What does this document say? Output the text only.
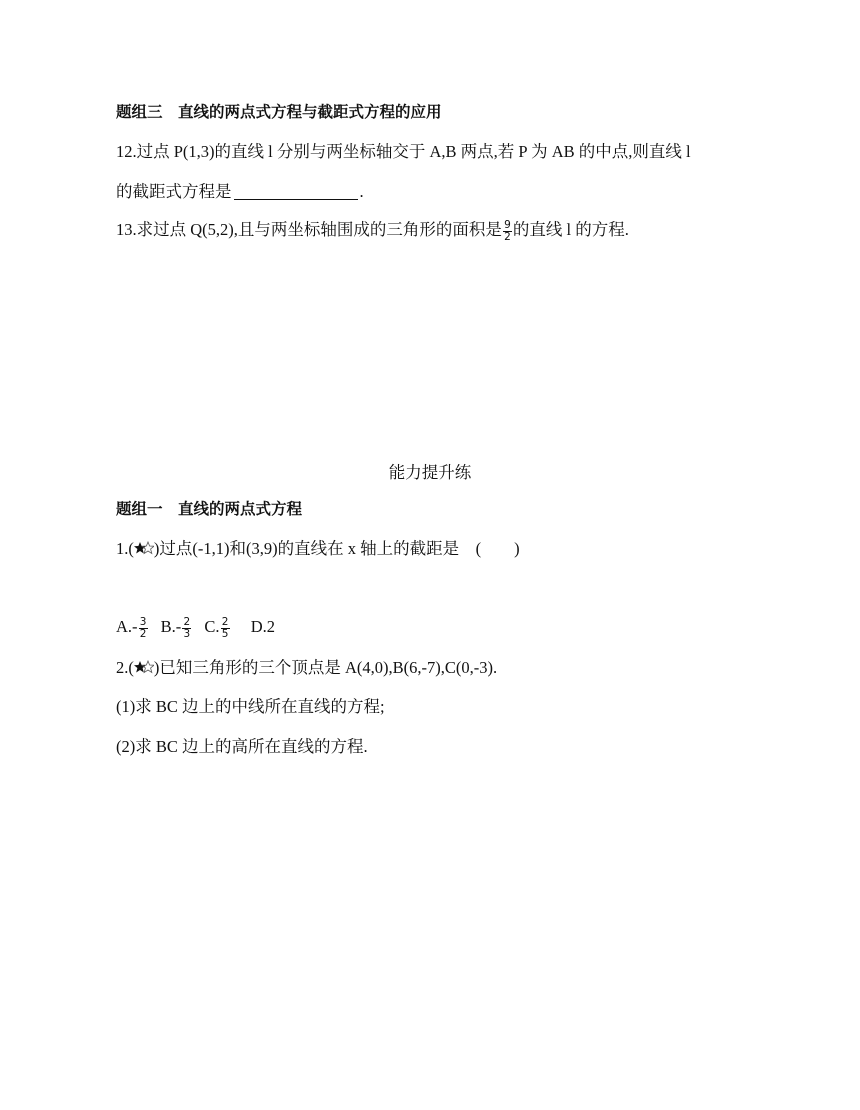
题组三　直线的两点式方程与截距式方程的应用
12.过点 P(1,3)的直线 l 分别与两坐标轴交于 A,B 两点,若 P 为 AB 的中点,则直线 l
的截距式方程是	.
13.求过点 Q(5,2),且与两坐标轴围成的三角形的面积是 $\frac{9}{2}$ 的直线 l 的方程.
能力提升练
题组一　直线的两点式方程
1.( )过点(-1,1)和(3,9)的直线在 x 轴上的截距是　(　　)
$A.- \frac{3}{2} B.- \frac{2}{3} C$. $\frac{2}{5} D.2$
2.( )已知三角形的三个顶点是 A(4,0),B(6,-7),C(0,-3).
(1)求 BC 边上的中线所在直线的方程;
(2)求 BC 边上的高所在直线的方程.
